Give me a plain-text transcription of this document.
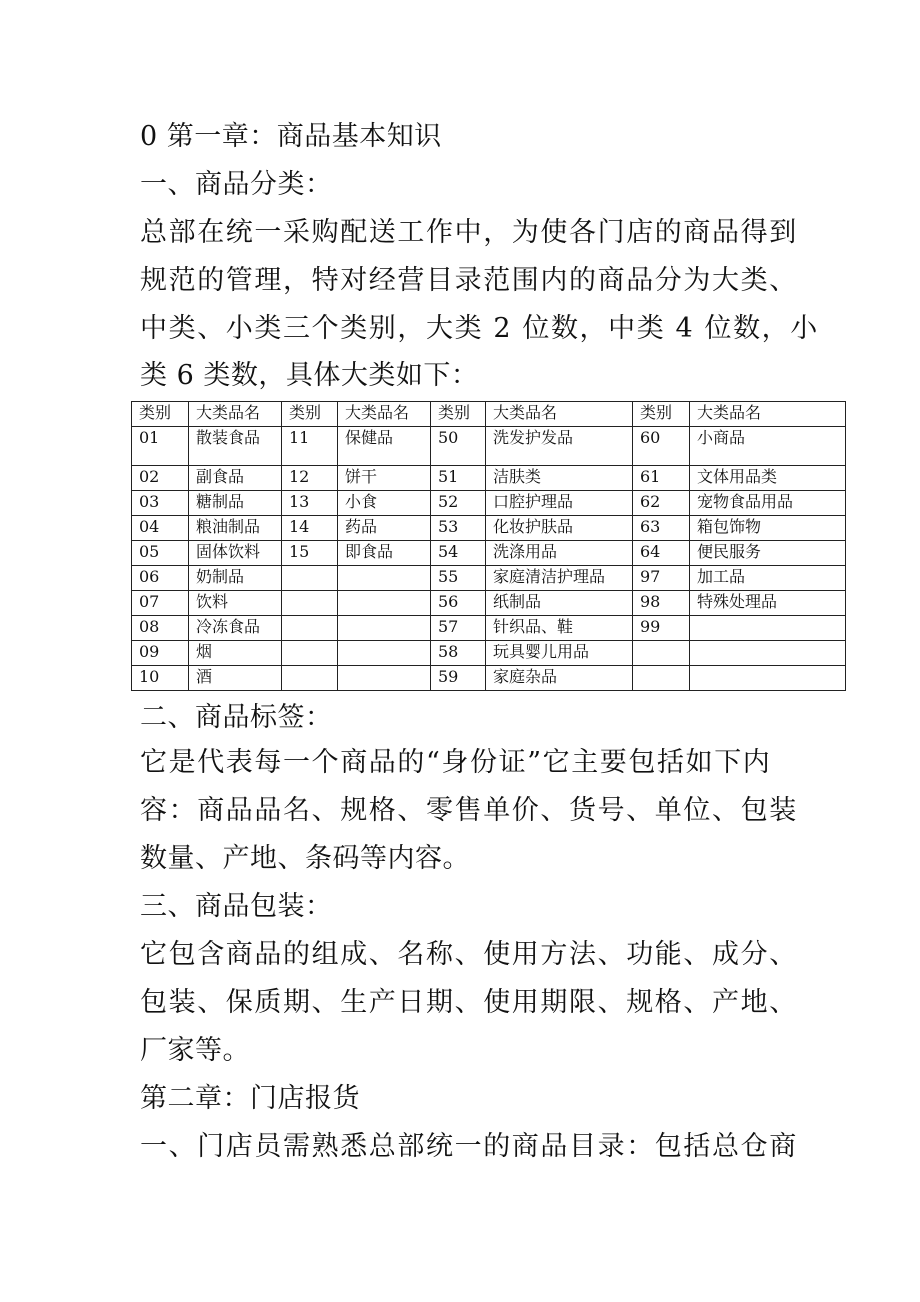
0 第一章：商品基本知识
一、商品分类：
总部在统一采购配送工作中，为使各门店的商品得到
规范的管理，特对经营目录范围内的商品分为大类、
中类、小类三个类别，大类 2 位数，中类 4 位数，小
类 6 类数，具体大类如下：
类别	大类品名	类别	大类品名	类别	大类品名	类别	大类品名
01	散装食品	11	保健品	50	洗发护发品	60	小商品
02	副食品	12	饼干	51	洁肤类	61	文体用品类
03	糖制品	13	小食	52	口腔护理品	62	宠物食品用品
04	粮油制品	14	药品	53	化妆护肤品	63	箱包饰物
05	固体饮料	15	即食品	54	洗涤用品	64	便民服务
06	奶制品			55	家庭清洁护理品	97	加工品
07	饮料			56	纸制品	98	特殊处理品
08	冷冻食品			57	针织品、鞋	99	
09	烟			58	玩具婴儿用品		
10	酒			59	家庭杂品		
二、商品标签：
它是代表每一个商品的“身份证”它主要包括如下内
容：商品品名、规格、零售单价、货号、单位、包装
数量、产地、条码等内容。
三、商品包装：
它包含商品的组成、名称、使用方法、功能、成分、
包装、保质期、生产日期、使用期限、规格、产地、
厂家等。
第二章：门店报货
一、门店员需熟悉总部统一的商品目录：包括总仓商
